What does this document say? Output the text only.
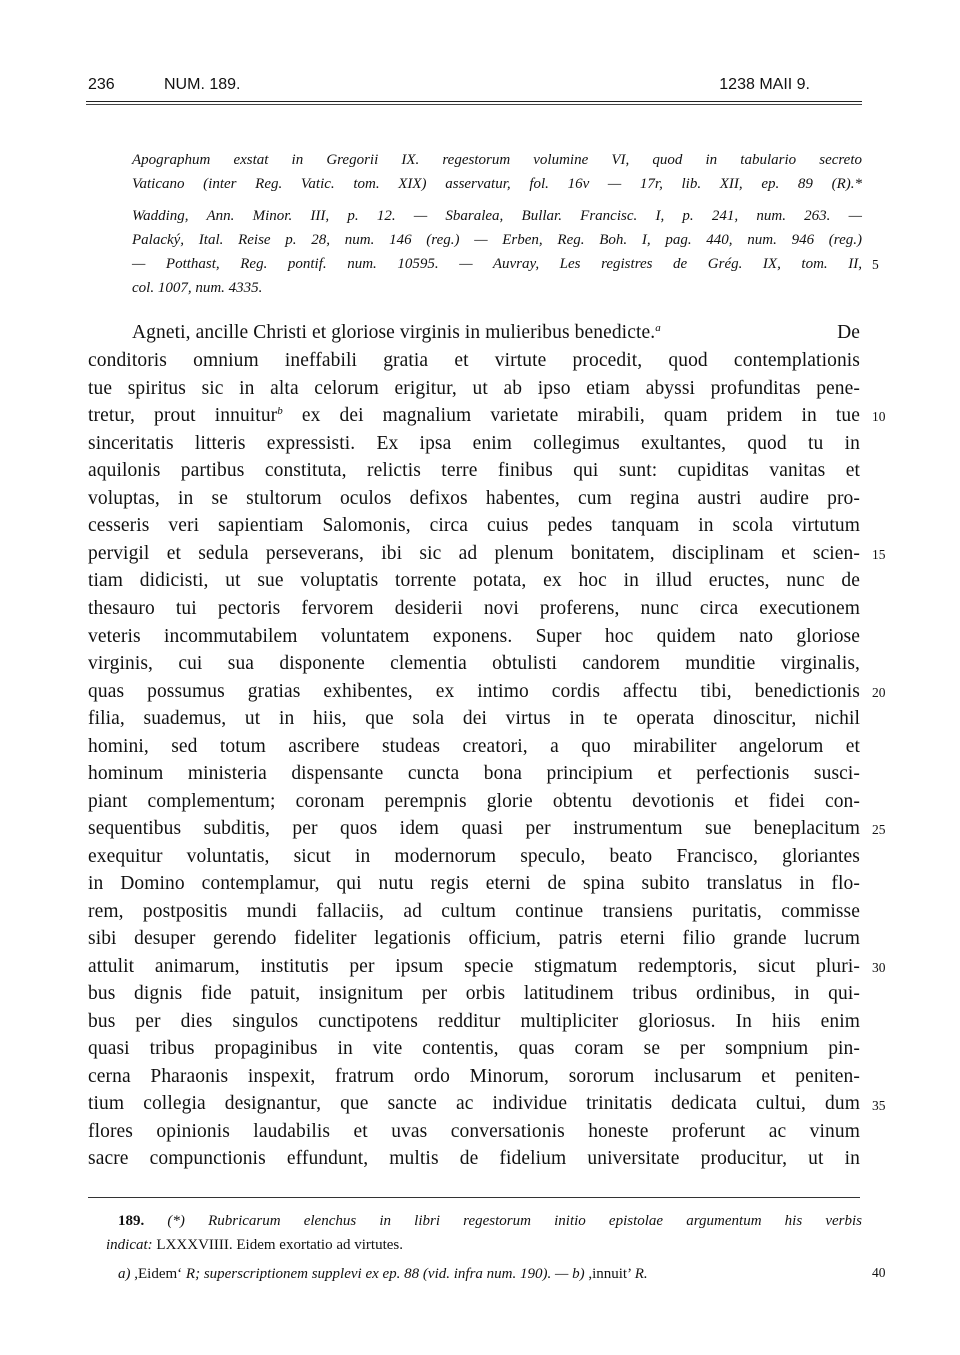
236	NUM. 189.	1238 MAII 9.
Apographum exstat in Gregorii IX. regestorum volumine VI, quod in tabulario secreto
Vaticano (inter Reg. Vatic. tom. XIX) asservatur, fol. 16v — 17r, lib. XII, ep. 89 (R).*
Wadding, Ann. Minor. III, p. 12. — Sbaralea, Bullar. Francisc. I, p. 241, num. 263. —
Palacký, Ital. Reise p. 28, num. 146 (reg.) — Erben, Reg. Boh. I, pag. 440, num. 946 (reg.)
— Potthast, Reg. pontif. num. 10595. — Auvray, Les registres de Grég. IX, tom. II,
col. 1007, num. 4335.
Agneti, ancille Christi et gloriose virginis in mulieribus benedicte.$^a$	De
conditoris omnium ineffabili gratia et virtute procedit, quod contemplationis
tue spiritus sic in alta celorum erigitur, ut ab ipso etiam abyssi profunditas pene-
tretur, prout innuitur$^b$ ex dei magnalium varietate mirabili, quam pridem in tue
sinceritatis litteris expressisti. Ex ipsa enim collegimus exultantes, quod tu in
aquilonis partibus constituta, relictis terre finibus qui sunt: cupiditas vanitas et
voluptas, in se stultorum oculos defixos habentes, cum regina austri audire pro-
cesseris veri sapientiam Salomonis, circa cuius pedes tanquam in scola virtutum
pervigil et sedula perseverans, ibi sic ad plenum bonitatem, disciplinam et scien-
tiam didicisti, ut sue voluptatis torrente potata, ex hoc in illud eructes, nunc de
thesauro tui pectoris fervorem desiderii novi proferens, nunc circa executionem
veteris incommutabilem voluntatem exponens. Super hoc quidem nato gloriose
virginis, cui sua disponente clementia obtulisti candorem munditie virginalis,
quas possumus gratias exhibentes, ex intimo cordis affectu tibi, benedictionis
filia, suademus, ut in hiis, que sola dei virtus in te operata dinoscitur, nichil
homini, sed totum ascribere studeas creatori, a quo mirabiliter angelorum et
hominum ministeria dispensante cuncta bona principium et perfectionis susci-
piant complementum; coronam perempnis glorie obtentu devotionis et fidei con-
sequentibus subditis, per quos idem quasi per instrumentum sue beneplacitum
exequitur voluntatis, sicut in modernorum speculo, beato Francisco, gloriantes
in Domino contemplamur, qui nutu regis eterni de spina subito translatus in flo-
rem, postpositis mundi fallaciis, ad cultum continue transiens puritatis, commisse
sibi desuper gerendo fideliter legationis officium, patris eterni filio grande lucrum
attulit animarum, institutis per ipsum specie stigmatum redemptoris, sicut pluri-
bus dignis fide patuit, insignitum per orbis latitudinem tribus ordinibus, in qui-
bus per dies singulos cunctipotens redditur multipliciter gloriosus. In hiis enim
quasi tribus propaginibus in vite contentis, quas coram se per sompnium pin-
cerna Pharaonis inspexit, fratrum ordo Minorum, sororum inclusarum et peniten-
tium collegia designantur, que sancte ac individue trinitatis dedicata cultui, dum
flores opinionis laudabilis et uvas conversationis honeste proferunt ac vinum
sacre compunctionis effundunt, multis de fidelium universitate producitur, ut in
5
10
15
20
25
30
35
40
189. (*) Rubricarum elenchus in libri regestorum initio epistolae argumentum his verbis
indicat: LXXXVIIII. Eidem exortatio ad virtutes.
a) ,Eidem‘ R; superscriptionem supplevi ex ep. 88 (vid. infra num. 190). — b) ,innuit’ R.
